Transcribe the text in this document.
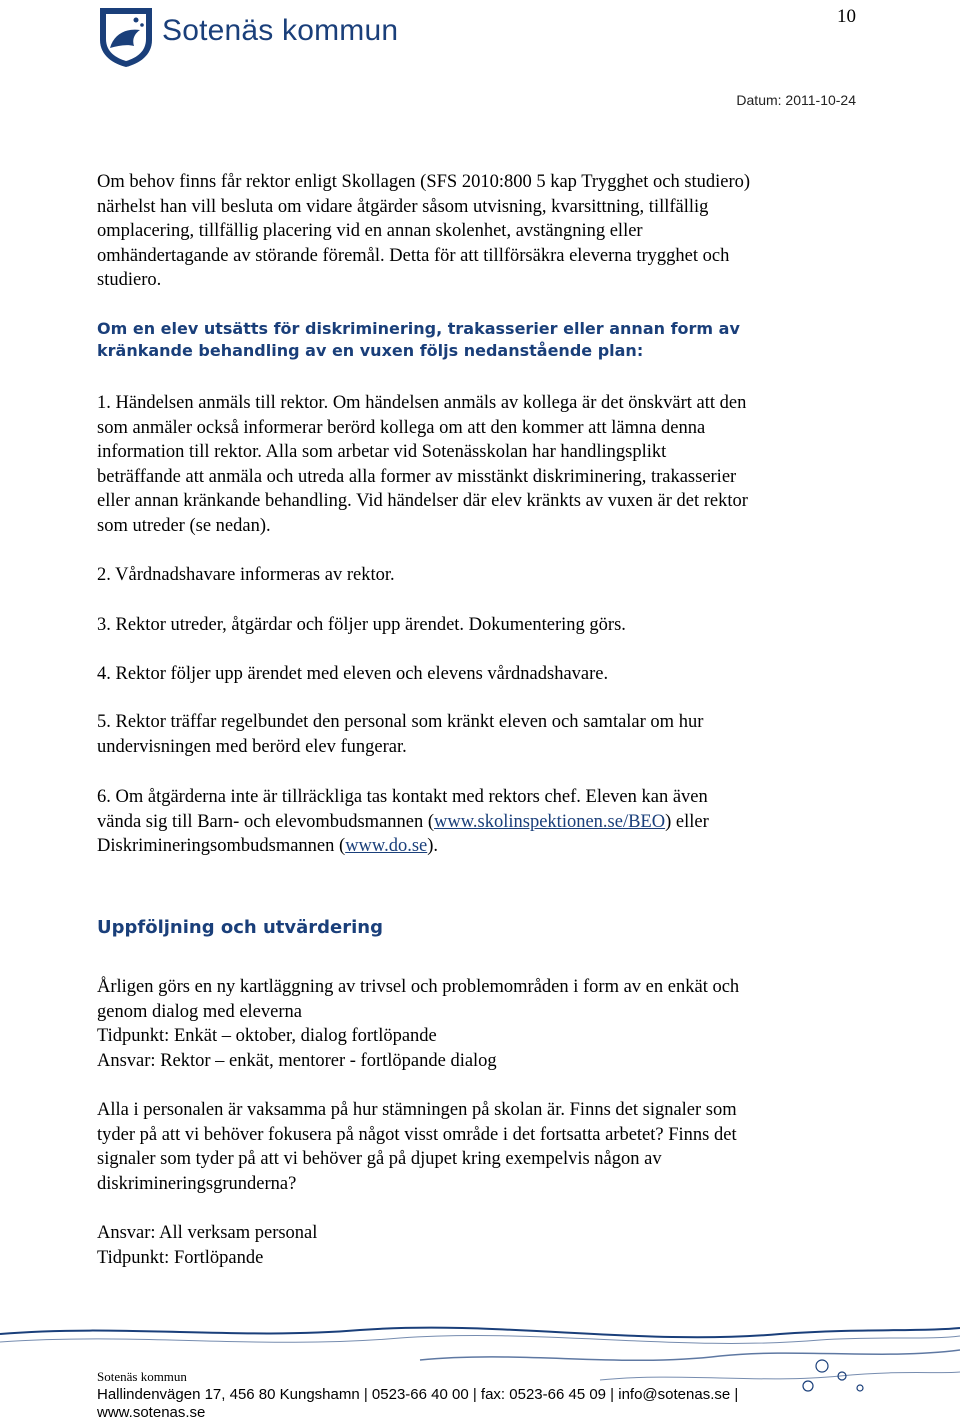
Sotenäs kommun	10
Datum: 2011-10-24
Om behov finns får rektor enligt Skollagen (SFS 2010:800 5 kap Trygghet och studiero)
närhelst han vill besluta om vidare åtgärder såsom utvisning, kvarsittning, tillfällig
omplacering, tillfällig placering vid en annan skolenhet, avstängning eller
omhändertagande av störande föremål. Detta för att tillförsäkra eleverna trygghet och
studiero.
Om en elev utsätts för diskriminering, trakasserier eller annan form av
kränkande behandling av en vuxen följs nedanstående plan:
1. Händelsen anmäls till rektor. Om händelsen anmäls av kollega är det önskvärt att den
som anmäler också informerar berörd kollega om att den kommer att lämna denna
information till rektor. Alla som arbetar vid Sotenässkolan har handlingsplikt
beträffande att anmäla och utreda alla former av misstänkt diskriminering, trakasserier
eller annan kränkande behandling. Vid händelser där elev kränkts av vuxen är det rektor
som utreder (se nedan).
2. Vårdnadshavare informeras av rektor.
3. Rektor utreder, åtgärdar och följer upp ärendet. Dokumentering görs.
4. Rektor följer upp ärendet med eleven och elevens vårdnadshavare.
5. Rektor träffar regelbundet den personal som kränkt eleven och samtalar om hur
undervisningen med berörd elev fungerar.
6. Om åtgärderna inte är tillräckliga tas kontakt med rektors chef. Eleven kan även
vända sig till Barn- och elevombudsmannen (www.skolinspektionen.se/BEO) eller
Diskrimineringsombudsmannen (www.do.se).
Uppföljning och utvärdering
Årligen görs en ny kartläggning av trivsel och problemområden i form av en enkät och
genom dialog med eleverna
Tidpunkt: Enkät – oktober, dialog fortlöpande
Ansvar: Rektor – enkät, mentorer - fortlöpande dialog
Alla i personalen är vaksamma på hur stämningen på skolan är. Finns det signaler som
tyder på att vi behöver fokusera på något visst område i det fortsatta arbetet? Finns det
signaler som tyder på att vi behöver gå på djupet kring exempelvis någon av
diskrimineringsgrunderna?
Ansvar: All verksam personal
Tidpunkt: Fortlöpande
Sotenäs kommun
Hallindenvägen 17, 456 80 Kungshamn | 0523-66 40 00 | fax: 0523-66 45 09 | info@sotenas.se |
www.sotenas.se
